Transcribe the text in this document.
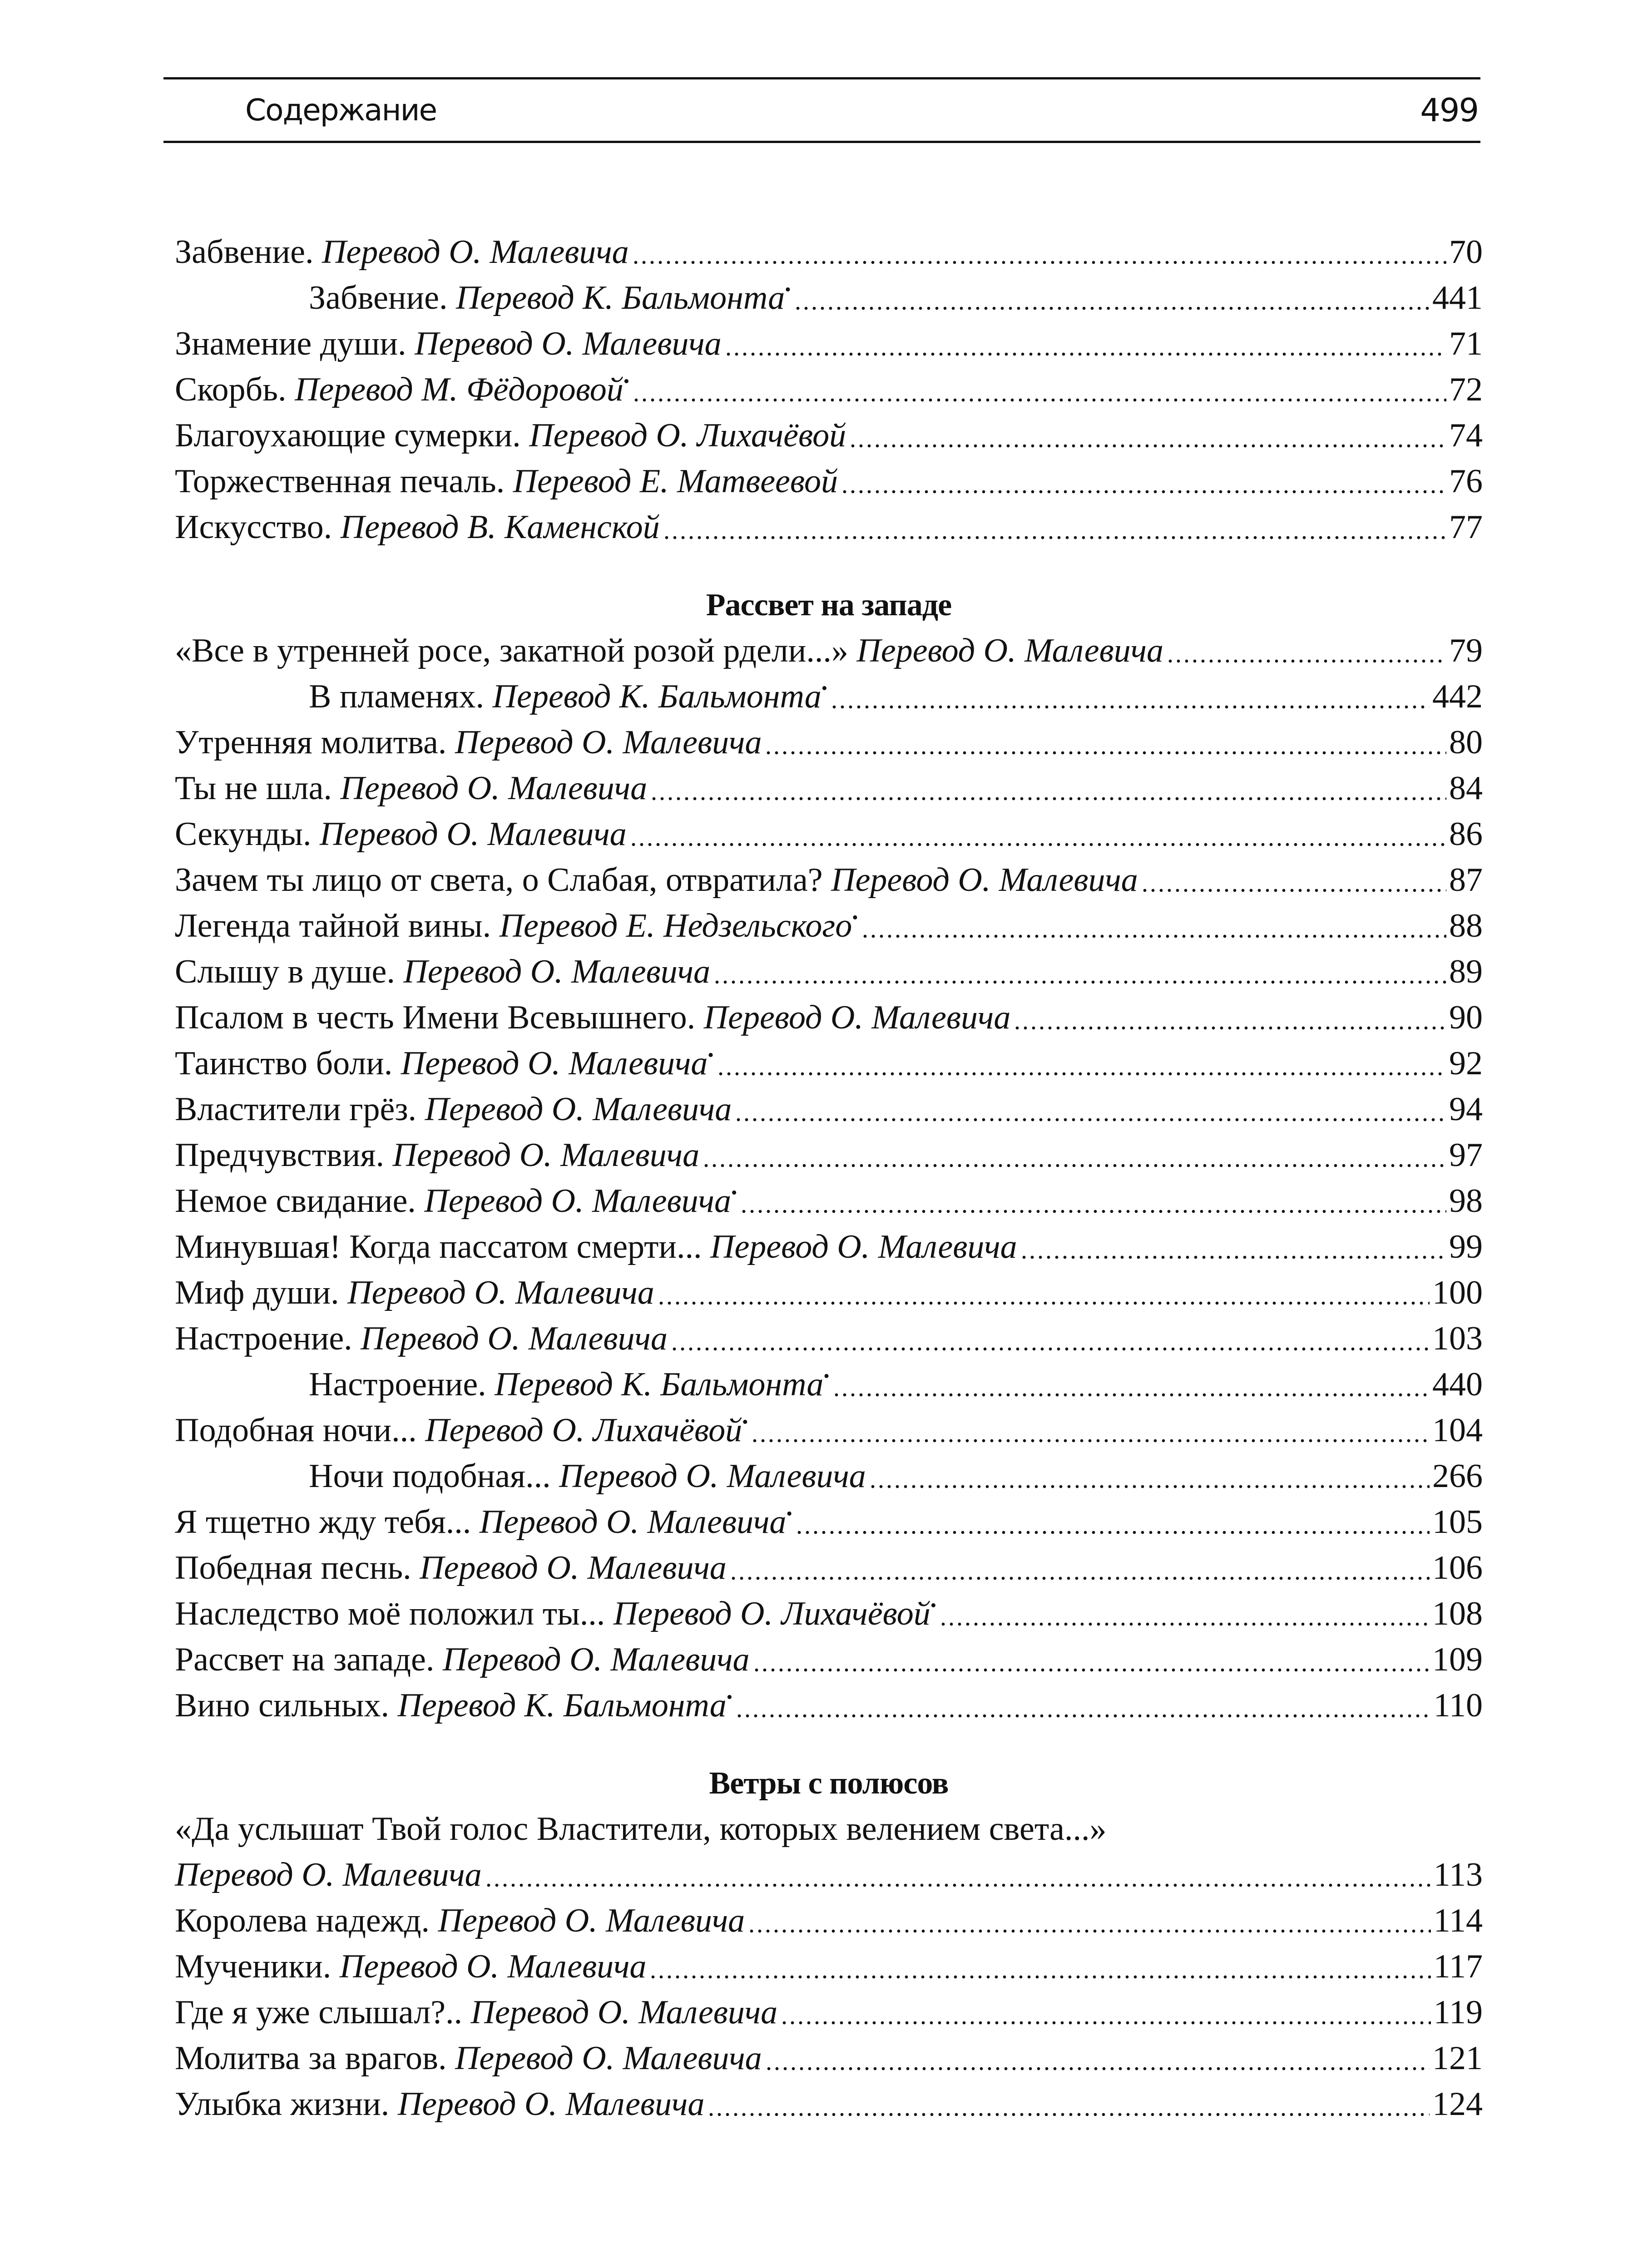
Содержание	499
Забвение. Перевод О. Малевича	70
Забвение. Перевод К. Бальмонта•	441
Знамение души. Перевод О. Малевича	71
Скорбь. Перевод М. Фёдоровой•	72
Благоухающие сумерки. Перевод О. Лихачёвой	74
Торжественная печаль. Перевод Е. Матвеевой	76
Искусство. Перевод В. Каменской	77
Рассвет на западе
«Все в утренней росе, закатной розой рдели...» Перевод О. Малевича	79
В пламенях. Перевод К. Бальмонта•	442
Утренняя молитва. Перевод О. Малевича	80
Ты не шла. Перевод О. Малевича	84
Секунды. Перевод О. Малевича	86
Зачем ты лицо от света, о Слабая, отвратила? Перевод О. Малевича	87
Легенда тайной вины. Перевод Е. Недзельского•	88
Слышу в душе. Перевод О. Малевича	89
Псалом в честь Имени Всевышнего. Перевод О. Малевича	90
Таинство боли. Перевод О. Малевича•	92
Властители грёз. Перевод О. Малевича	94
Предчувствия. Перевод О. Малевича	97
Немое свидание. Перевод О. Малевича•	98
Минувшая! Когда пассатом смерти... Перевод О. Малевича	99
Миф души. Перевод О. Малевича	100
Настроение. Перевод О. Малевича	103
Настроение. Перевод К. Бальмонта•	440
Подобная ночи... Перевод О. Лихачёвой•	104
Ночи подобная... Перевод О. Малевича	266
Я тщетно жду тебя... Перевод О. Малевича•	105
Победная песнь. Перевод О. Малевича	106
Наследство моё положил ты... Перевод О. Лихачёвой•	108
Рассвет на западе. Перевод О. Малевича	109
Вино сильных. Перевод К. Бальмонта•	110
Ветры с полюсов
«Да услышат Твой голос Властители, которых велением света...»
Перевод О. Малевича	113
Королева надежд. Перевод О. Малевича	114
Мученики. Перевод О. Малевича	117
Где я уже слышал?.. Перевод О. Малевича	119
Молитва за врагов. Перевод О. Малевича	121
Улыбка жизни. Перевод О. Малевича	124
